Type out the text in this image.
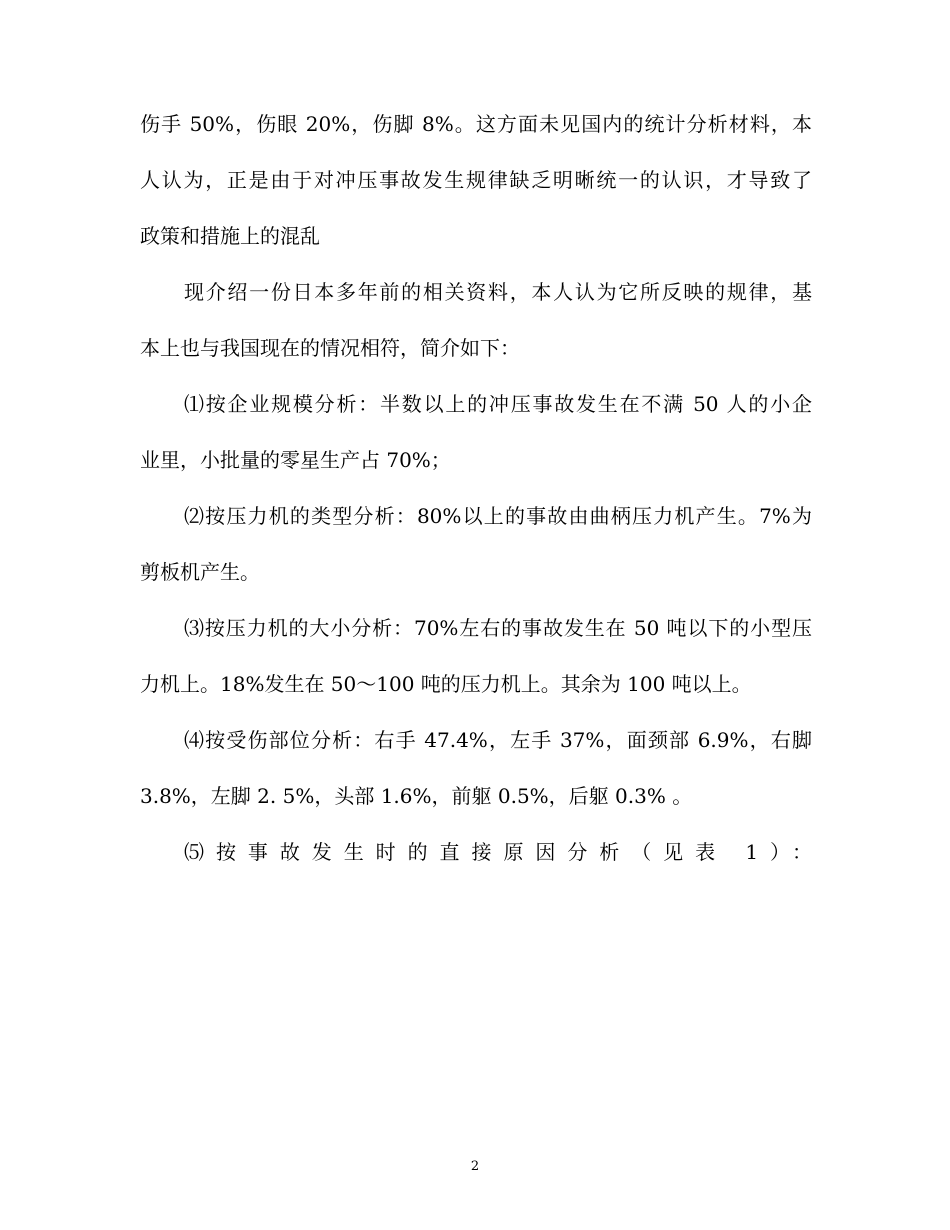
伤手 50%，伤眼 20%，伤脚 8%。这方面未见国内的统计分析材料，本
人认为，正是由于对冲压事故发生规律缺乏明晰统一的认识，才导致了
政策和措施上的混乱
现介绍一份日本多年前的相关资料，本人认为它所反映的规律，基
本上也与我国现在的情况相符，简介如下：
⑴按企业规模分析：半数以上的冲压事故发生在不满 50 人的小企
业里，小批量的零星生产占 70%；
⑵按压力机的类型分析：80%以上的事故由曲柄压力机产生。7%为
剪板机产生。
⑶按压力机的大小分析：70%左右的事故发生在 50 吨以下的小型压
力机上。18%发生在 50～100 吨的压力机上。其余为 100 吨以上。
⑷按受伤部位分析：右手 47.4%，左手 37%，面颈部 6.9%，右脚
3.8%，左脚 2. 5%，头部 1.6%，前躯 0.5%，后躯 0.3% 。
⑸按事故发生时的直接原因分析（见表 1）：
2
